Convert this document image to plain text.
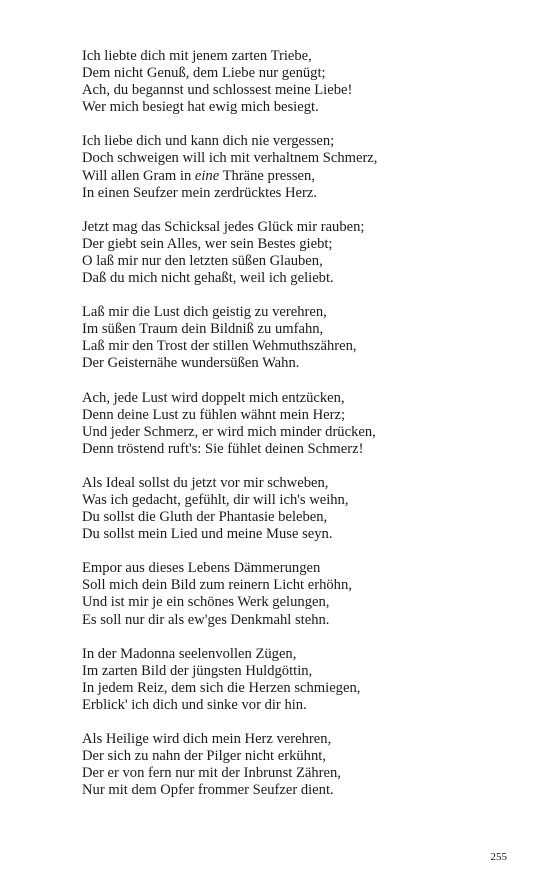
Ich liebte dich mit jenem zarten Triebe,
Dem nicht Genuß, dem Liebe nur genügt;
Ach, du begannst und schlossest meine Liebe!
Wer mich besiegt hat ewig mich besiegt.
Ich liebe dich und kann dich nie vergessen;
Doch schweigen will ich mit verhaltnem Schmerz,
Will allen Gram in eine Thräne pressen,
In einen Seufzer mein zerdrücktes Herz.
Jetzt mag das Schicksal jedes Glück mir rauben;
Der giebt sein Alles, wer sein Bestes giebt;
O laß mir nur den letzten süßen Glauben,
Daß du mich nicht gehaßt, weil ich geliebt.
Laß mir die Lust dich geistig zu verehren,
Im süßen Traum dein Bildniß zu umfahn,
Laß mir den Trost der stillen Wehmuthszähren,
Der Geisternähe wundersüßen Wahn.
Ach, jede Lust wird doppelt mich entzücken,
Denn deine Lust zu fühlen wähnt mein Herz;
Und jeder Schmerz, er wird mich minder drücken,
Denn tröstend ruft's: Sie fühlet deinen Schmerz!
Als Ideal sollst du jetzt vor mir schweben,
Was ich gedacht, gefühlt, dir will ich's weihn,
Du sollst die Gluth der Phantasie beleben,
Du sollst mein Lied und meine Muse seyn.
Empor aus dieses Lebens Dämmerungen
Soll mich dein Bild zum reinern Licht erhöhn,
Und ist mir je ein schönes Werk gelungen,
Es soll nur dir als ew'ges Denkmahl stehn.
In der Madonna seelenvollen Zügen,
Im zarten Bild der jüngsten Huldgöttin,
In jedem Reiz, dem sich die Herzen schmiegen,
Erblick' ich dich und sinke vor dir hin.
Als Heilige wird dich mein Herz verehren,
Der sich zu nahn der Pilger nicht erkühnt,
Der er von fern nur mit der Inbrunst Zähren,
Nur mit dem Opfer frommer Seufzer dient.
255
